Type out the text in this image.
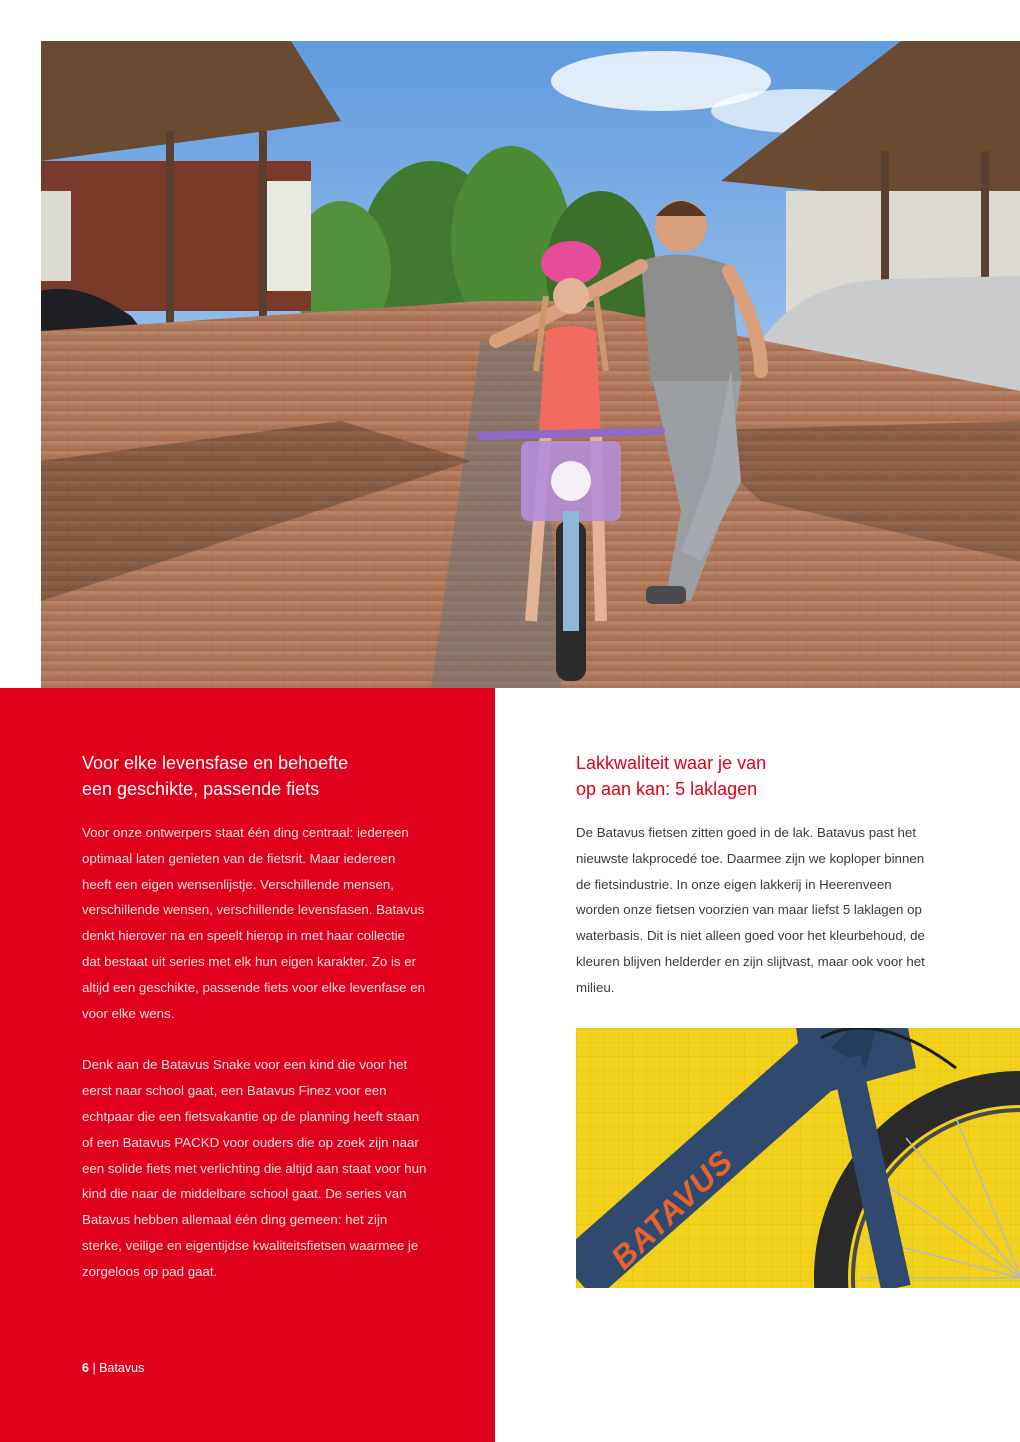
Voor elke levensfase en behoefte
een geschikte, passende fiets

Voor onze ontwerpers staat één ding centraal: iedereen optimaal laten genieten van de fietsrit. Maar iedereen heeft een eigen wensenlijstje. Verschillende mensen, verschillende wensen, verschillende levensfasen. Batavus denkt hierover na en speelt hierop in met haar collectie dat bestaat uit series met elk hun eigen karakter. Zo is er altijd een geschikte, passende fiets voor elke levenfase en voor elke wens.

Denk aan de Batavus Snake voor een kind die voor het eerst naar school gaat, een Batavus Finez voor een echtpaar die een fietsvakantie op de planning heeft staan of een Batavus PACKD voor ouders die op zoek zijn naar een solide fiets met verlichting die altijd aan staat voor hun kind die naar de middelbare school gaat. De series van Batavus hebben allemaal één ding gemeen: het zijn sterke, veilige en eigentijdse kwaliteitsfietsen waarmee je zorgeloos op pad gaat.

6 | Batavus
Lakkwaliteit waar je van
op aan kan: 5 laklagen

De Batavus fietsen zitten goed in de lak. Batavus past het nieuwste lakprocedé toe. Daarmee zijn we koploper binnen de fietsindustrie. In onze eigen lakkerij in Heerenveen worden onze fietsen voorzien van maar liefst 5 laklagen op waterbasis. Dit is niet alleen goed voor het kleurbehoud, de kleuren blijven helderder en zijn slijtvast, maar ook voor het milieu.

BATAVUS
